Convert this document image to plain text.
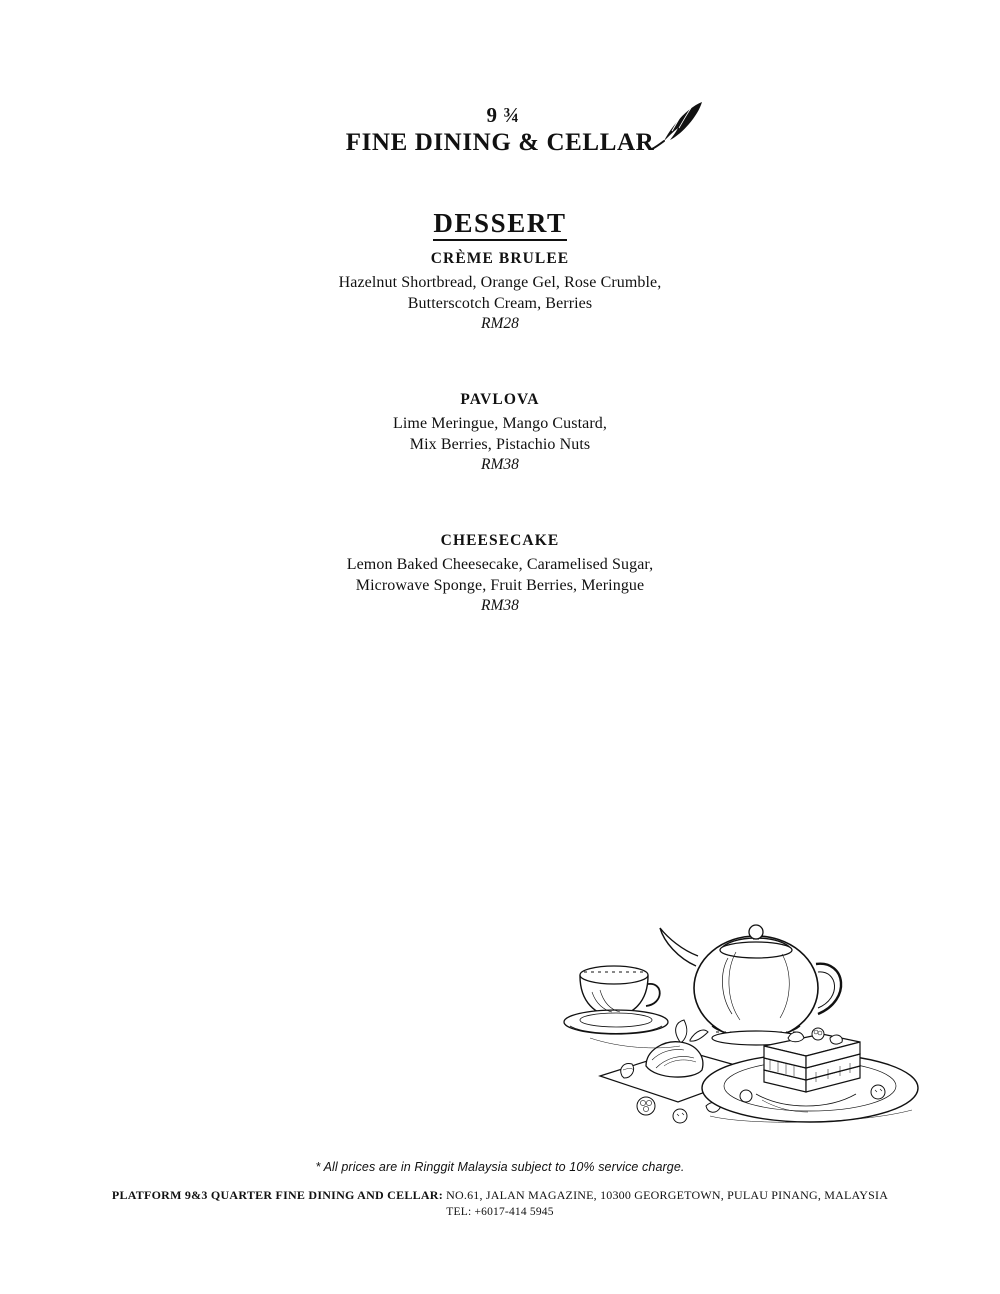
9 ¾
FINE DINING & CELLAR
DESSERT
CRÈME BRULEE
Hazelnut Shortbread, Orange Gel, Rose Crumble,
Butterscotch Cream, Berries
RM28
PAVLOVA
Lime Meringue, Mango Custard,
Mix Berries, Pistachio Nuts
RM38
CHEESECAKE
Lemon Baked Cheesecake, Caramelised Sugar,
Microwave Sponge, Fruit Berries, Meringue
RM38
* All prices are in Ringgit Malaysia subject to 10% service charge.
PLATFORM 9&3 QUARTER FINE DINING AND CELLAR: NO.61, JALAN MAGAZINE, 10300 GEORGETOWN, PULAU PINANG, MALAYSIA
TEL: +6017-414 5945
